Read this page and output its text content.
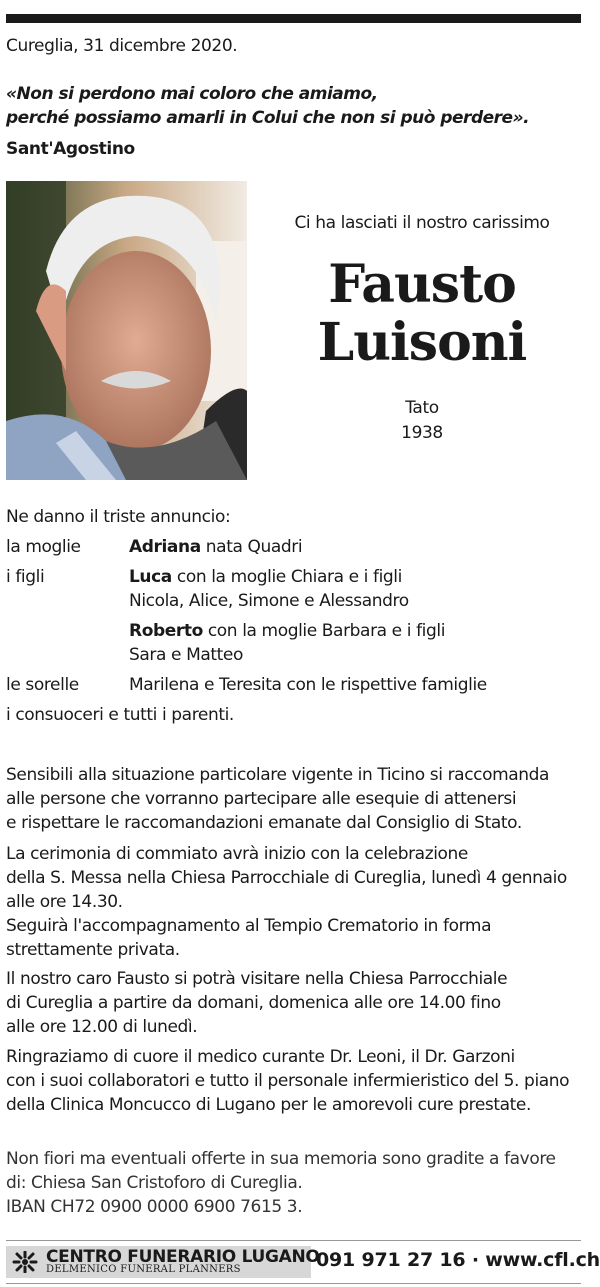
Cureglia, 31 dicembre 2020.
«Non si perdono mai coloro che amiamo,
perché possiamo amarli in Colui che non si può perdere».
Sant'Agostino
Ci ha lasciati il nostro carissimo
Fausto
Luisoni
Tato
1938
Ne danno il triste annuncio:
la moglie	Adriana nata Quadri
i figli	Luca con la moglie Chiara e i figli
Nicola, Alice, Simone e Alessandro
Roberto con la moglie Barbara e i figli
Sara e Matteo
le sorelle	Marilena e Teresita con le rispettive famiglie
i consuoceri e tutti i parenti.
Sensibili alla situazione particolare vigente in Ticino si raccomanda
alle persone che vorranno partecipare alle esequie di attenersi
e rispettare le raccomandazioni emanate dal Consiglio di Stato.
La cerimonia di commiato avrà inizio con la celebrazione
della S. Messa nella Chiesa Parrocchiale di Cureglia, lunedì 4 gennaio
alle ore 14.30.
Seguirà l'accompagnamento al Tempio Crematorio in forma
strettamente privata.
Il nostro caro Fausto si potrà visitare nella Chiesa Parrocchiale
di Cureglia a partire da domani, domenica alle ore 14.00 fino
alle ore 12.00 di lunedì.
Ringraziamo di cuore il medico curante Dr. Leoni, il Dr. Garzoni
con i suoi collaboratori e tutto il personale infermieristico del 5. piano
della Clinica Moncucco di Lugano per le amorevoli cure prestate.
Non fiori ma eventuali offerte in sua memoria sono gradite a favore
di: Chiesa San Cristoforo di Cureglia.
IBAN CH72 0900 0000 6900 7615 3.
CENTRO FUNERARIO LUGANO
DELMENICO FUNERAL PLANNERS	091 971 27 16 · www.cfl.ch
